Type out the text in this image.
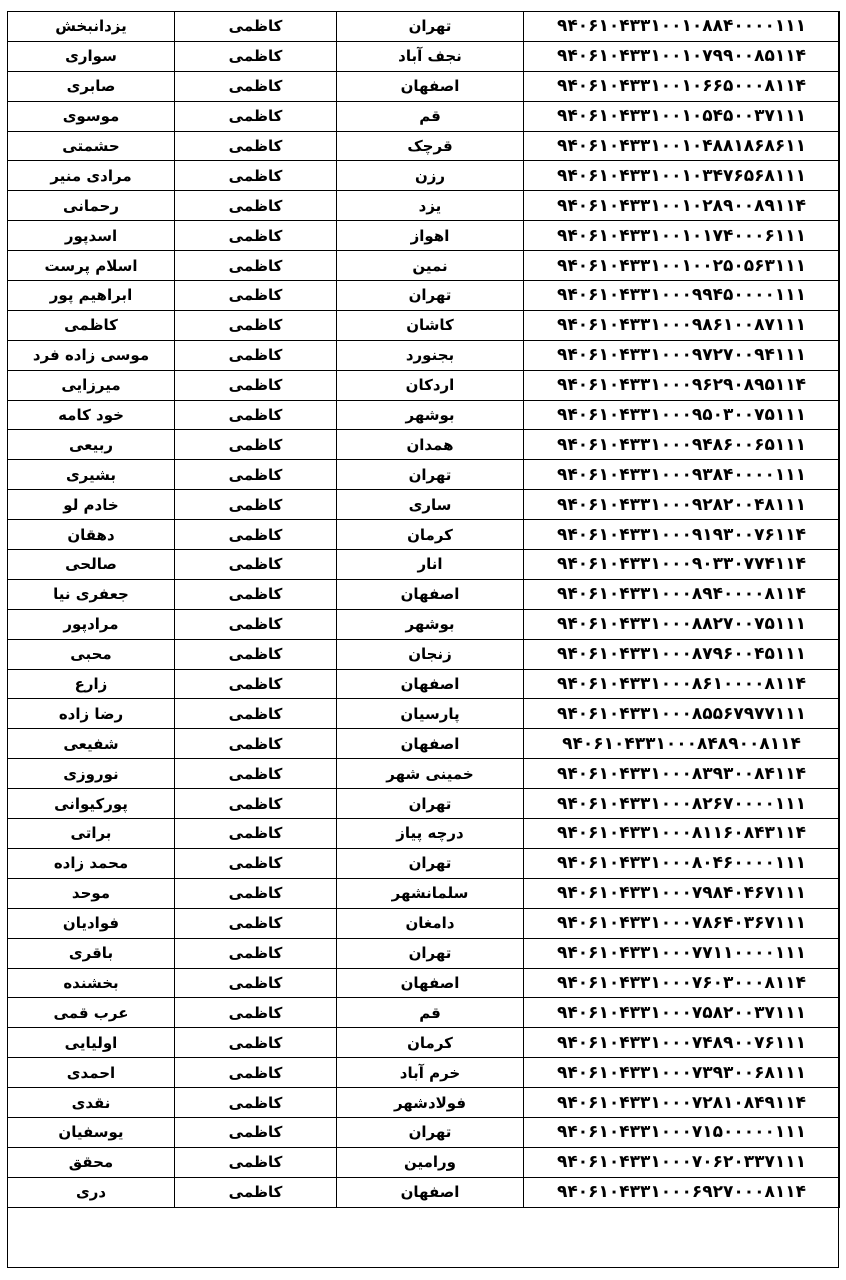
یزدانبخش	کاظمی	تهران	۹۴۰۶۱۰۴۳۳۱۰۰۱۰۸۸۴۰۰۰۰۱۱۱
سواری	کاظمی	نجف آباد	۹۴۰۶۱۰۴۳۳۱۰۰۱۰۷۹۹۰۰۸۵۱۱۴
صابری	کاظمی	اصفهان	۹۴۰۶۱۰۴۳۳۱۰۰۱۰۶۶۵۰۰۰۸۱۱۴
موسوی	کاظمی	قم	۹۴۰۶۱۰۴۳۳۱۰۰۱۰۵۴۵۰۰۳۷۱۱۱
حشمتی	کاظمی	قرچک	۹۴۰۶۱۰۴۳۳۱۰۰۱۰۴۸۸۱۸۶۸۶۱۱
مرادی منیر	کاظمی	رزن	۹۴۰۶۱۰۴۳۳۱۰۰۱۰۳۴۷۶۵۶۸۱۱۱
رحمانی	کاظمی	یزد	۹۴۰۶۱۰۴۳۳۱۰۰۱۰۲۸۹۰۰۸۹۱۱۴
اسدپور	کاظمی	اهواز	۹۴۰۶۱۰۴۳۳۱۰۰۱۰۱۷۴۰۰۰۶۱۱۱
اسلام پرست	کاظمی	نمین	۹۴۰۶۱۰۴۳۳۱۰۰۱۰۰۲۵۰۵۶۳۱۱۱
ابراهیم پور	کاظمی	تهران	۹۴۰۶۱۰۴۳۳۱۰۰۰۹۹۴۵۰۰۰۰۱۱۱
کاظمی	کاظمی	کاشان	۹۴۰۶۱۰۴۳۳۱۰۰۰۹۸۶۱۰۰۸۷۱۱۱
موسی زاده فرد	کاظمی	بجنورد	۹۴۰۶۱۰۴۳۳۱۰۰۰۹۷۲۷۰۰۹۴۱۱۱
میرزایی	کاظمی	اردکان	۹۴۰۶۱۰۴۳۳۱۰۰۰۹۶۲۹۰۸۹۵۱۱۴
خود کامه	کاظمی	بوشهر	۹۴۰۶۱۰۴۳۳۱۰۰۰۹۵۰۳۰۰۷۵۱۱۱
ربیعی	کاظمی	همدان	۹۴۰۶۱۰۴۳۳۱۰۰۰۹۴۸۶۰۰۶۵۱۱۱
بشیری	کاظمی	تهران	۹۴۰۶۱۰۴۳۳۱۰۰۰۹۳۸۴۰۰۰۰۱۱۱
خادم لو	کاظمی	ساری	۹۴۰۶۱۰۴۳۳۱۰۰۰۹۲۸۲۰۰۴۸۱۱۱
دهقان	کاظمی	کرمان	۹۴۰۶۱۰۴۳۳۱۰۰۰۹۱۹۳۰۰۷۶۱۱۴
صالحی	کاظمی	انار	۹۴۰۶۱۰۴۳۳۱۰۰۰۹۰۳۳۰۷۷۴۱۱۴
جعفری نیا	کاظمی	اصفهان	۹۴۰۶۱۰۴۳۳۱۰۰۰۸۹۴۰۰۰۰۸۱۱۴
مرادپور	کاظمی	بوشهر	۹۴۰۶۱۰۴۳۳۱۰۰۰۸۸۲۷۰۰۷۵۱۱۱
محبی	کاظمی	زنجان	۹۴۰۶۱۰۴۳۳۱۰۰۰۸۷۹۶۰۰۴۵۱۱۱
زارع	کاظمی	اصفهان	۹۴۰۶۱۰۴۳۳۱۰۰۰۸۶۱۰۰۰۰۸۱۱۴
رضا زاده	کاظمی	پارسیان	۹۴۰۶۱۰۴۳۳۱۰۰۰۸۵۵۶۷۹۷۷۱۱۱
شفیعی	کاظمی	اصفهان	۹۴۰۶۱۰۴۳۳۱۰۰۰۸۴۸۹۰۰۸۱۱۴
نوروزی	کاظمی	خمینی شهر	۹۴۰۶۱۰۴۳۳۱۰۰۰۸۳۹۳۰۰۸۴۱۱۴
پورکیوانی	کاظمی	تهران	۹۴۰۶۱۰۴۳۳۱۰۰۰۸۲۶۷۰۰۰۰۱۱۱
براتی	کاظمی	درچه پیاز	۹۴۰۶۱۰۴۳۳۱۰۰۰۸۱۱۶۰۸۴۳۱۱۴
محمد زاده	کاظمی	تهران	۹۴۰۶۱۰۴۳۳۱۰۰۰۸۰۴۶۰۰۰۰۱۱۱
موحد	کاظمی	سلمانشهر	۹۴۰۶۱۰۴۳۳۱۰۰۰۷۹۸۴۰۴۶۷۱۱۱
فوادیان	کاظمی	دامغان	۹۴۰۶۱۰۴۳۳۱۰۰۰۷۸۶۴۰۳۶۷۱۱۱
باقری	کاظمی	تهران	۹۴۰۶۱۰۴۳۳۱۰۰۰۷۷۱۱۰۰۰۰۱۱۱
بخشنده	کاظمی	اصفهان	۹۴۰۶۱۰۴۳۳۱۰۰۰۷۶۰۳۰۰۰۸۱۱۴
عرب قمی	کاظمی	قم	۹۴۰۶۱۰۴۳۳۱۰۰۰۷۵۸۲۰۰۳۷۱۱۱
اولیایی	کاظمی	کرمان	۹۴۰۶۱۰۴۳۳۱۰۰۰۷۴۸۹۰۰۷۶۱۱۱
احمدی	کاظمی	خرم آباد	۹۴۰۶۱۰۴۳۳۱۰۰۰۷۳۹۳۰۰۶۸۱۱۱
نقدی	کاظمی	فولادشهر	۹۴۰۶۱۰۴۳۳۱۰۰۰۷۲۸۱۰۸۴۹۱۱۴
یوسفیان	کاظمی	تهران	۹۴۰۶۱۰۴۳۳۱۰۰۰۷۱۵۰۰۰۰۰۱۱۱
محقق	کاظمی	ورامین	۹۴۰۶۱۰۴۳۳۱۰۰۰۷۰۶۲۰۳۳۷۱۱۱
دری	کاظمی	اصفهان	۹۴۰۶۱۰۴۳۳۱۰۰۰۶۹۲۷۰۰۰۸۱۱۴
